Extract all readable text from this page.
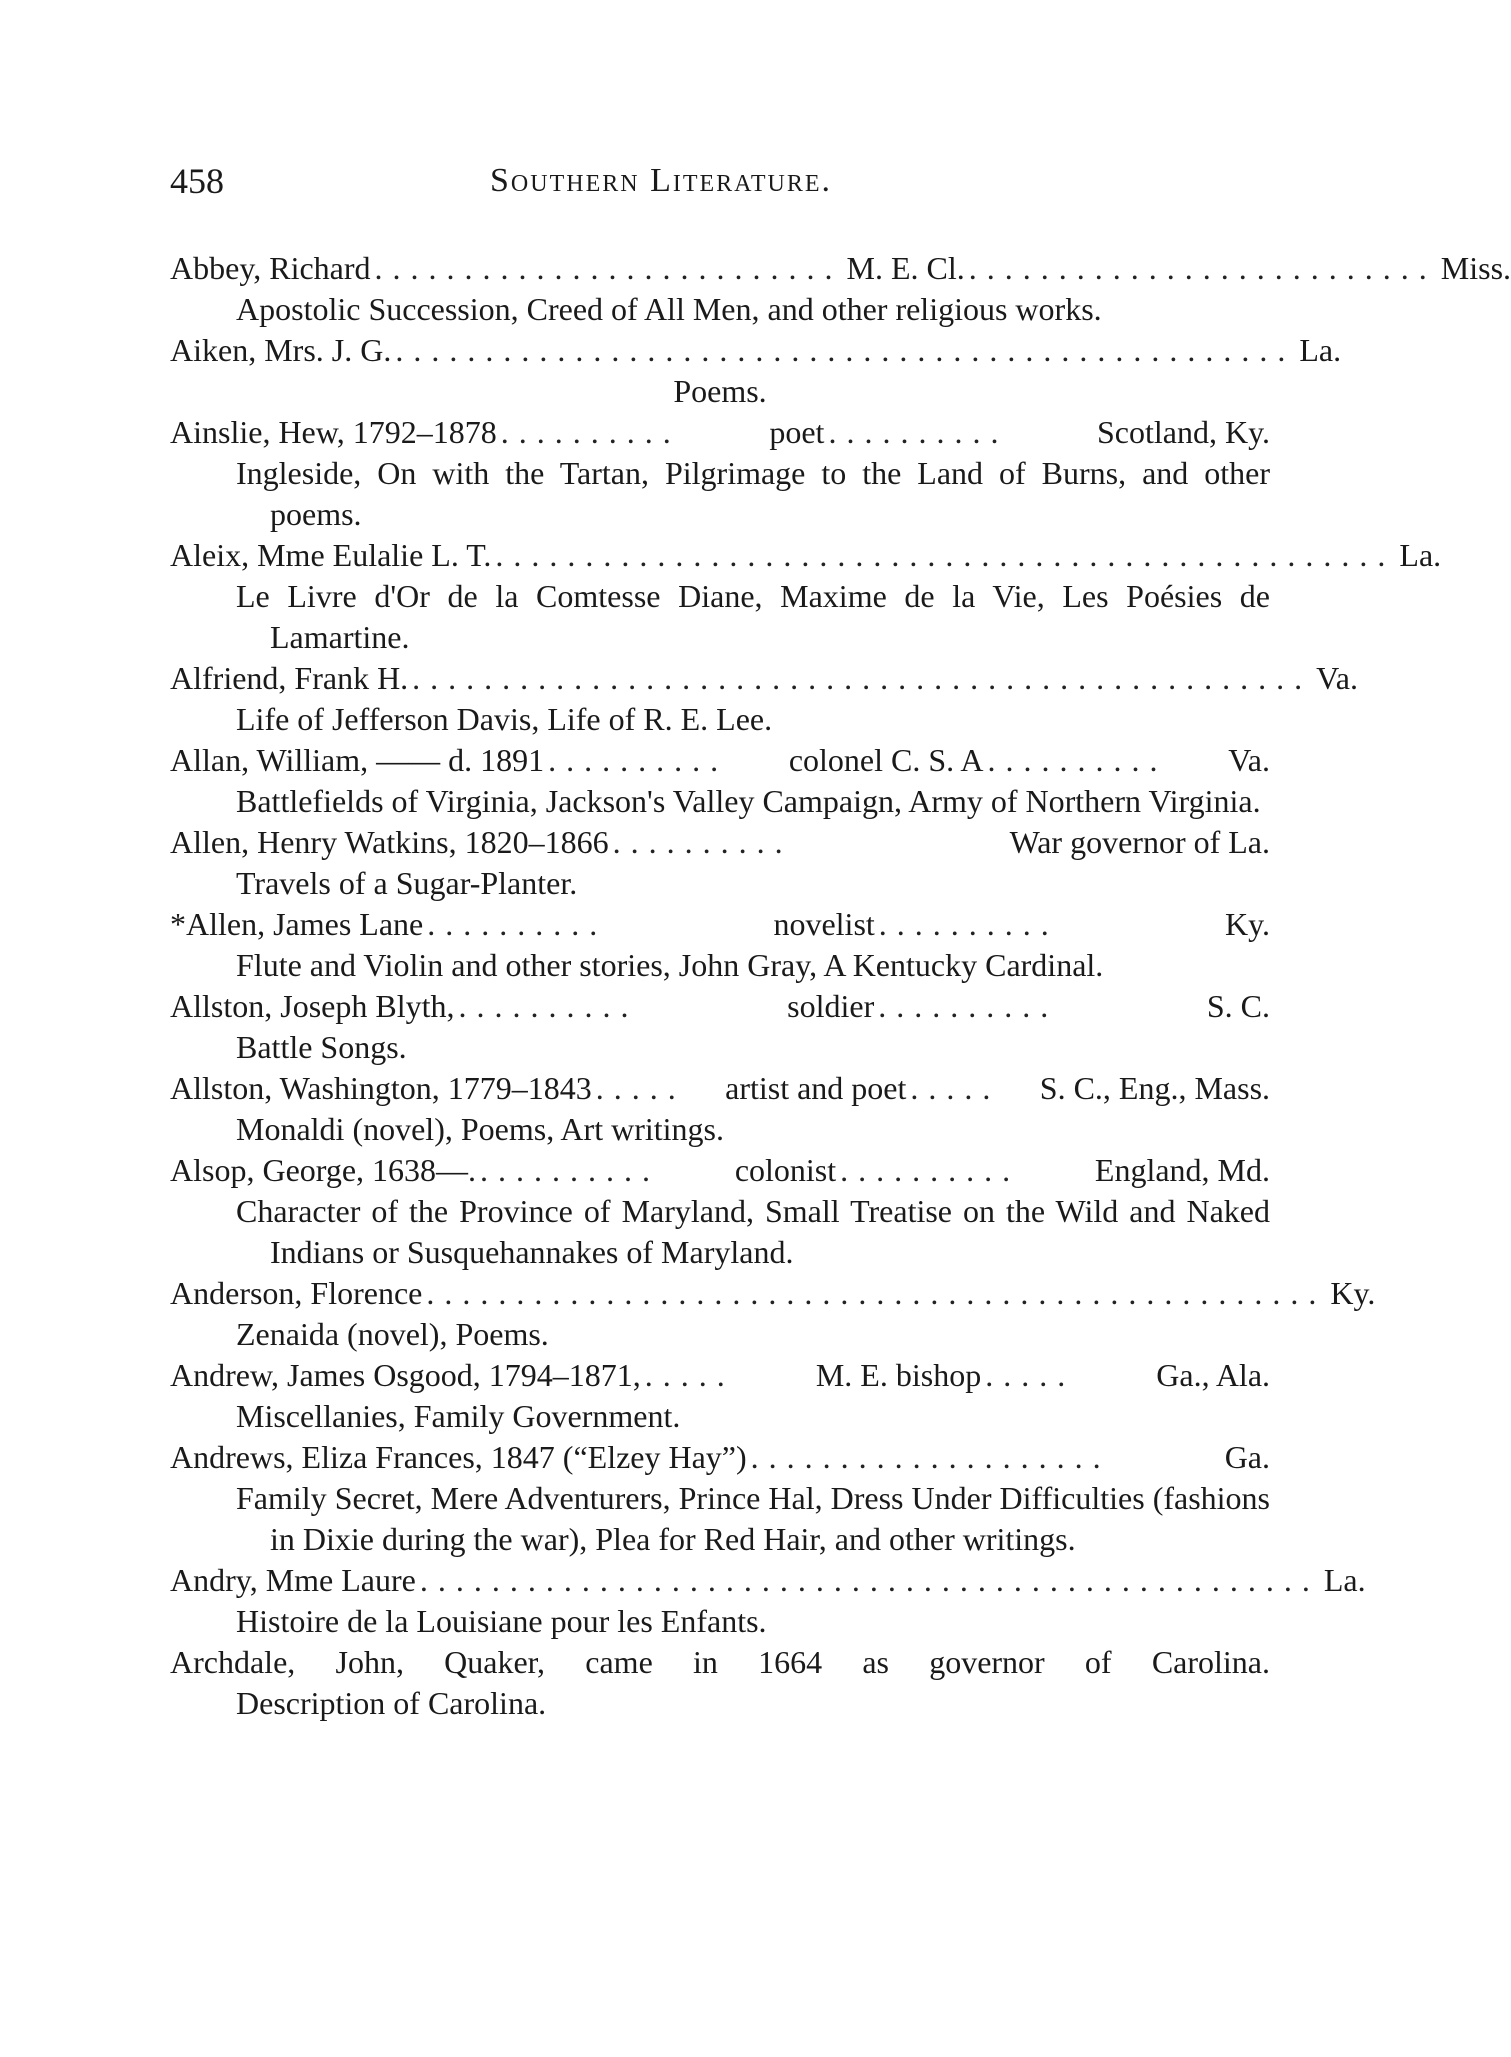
458	Southern Literature.
Abbey, Richard .......................... M. E. Cl. .......................... Miss.

Apostolic Succession, Creed of All Men, and other religious works.

Aiken, Mrs. J. G. .................................................. La.

Poems.

Ainslie, Hew, 1792–1878 ..........	poet ..........	Scotland, Ky.

Ingleside, On with the Tartan, Pilgrimage to the Land of Burns, and other poems.

Aleix, Mme Eulalie L. T. .................................................. La.

Le Livre d'Or de la Comtesse Diane, Maxime de la Vie, Les Poésies de Lamartine.

Alfriend, Frank H. .................................................. Va.

Life of Jefferson Davis, Life of R. E. Lee.

Allan, William, —— d. 1891 ..........	colonel C. S. A ..........	Va.

Battlefields of Virginia, Jackson's Valley Campaign, Army of Northern Virginia.

Allen, Henry Watkins, 1820–1866 ..........	War governor of La.

Travels of a Sugar-Planter.

*Allen, James Lane ..........	novelist ..........	Ky.

Flute and Violin and other stories, John Gray, A Kentucky Cardinal.

Allston, Joseph Blyth, ..........	soldier ..........	S. C.

Battle Songs.

Allston, Washington, 1779–1843 .....	artist and poet .....	S. C., Eng., Mass.

Monaldi (novel), Poems, Art writings.

Alsop, George, 1638—. ..........	colonist ..........	England, Md.

Character of the Province of Maryland, Small Treatise on the Wild and Naked Indians or Susquehannakes of Maryland.

Anderson, Florence .................................................. Ky.

Zenaida (novel), Poems.

Andrew, James Osgood, 1794–1871, .....	M. E. bishop .....	Ga., Ala.

Miscellanies, Family Government.

Andrews, Eliza Frances, 1847 (“Elzey Hay”) ....................	Ga.

Family Secret, Mere Adventurers, Prince Hal, Dress Under Difficulties (fashions in Dixie during the war), Plea for Red Hair, and other writings.

Andry, Mme Laure .................................................. La.

Histoire de la Louisiane pour les Enfants.

Archdale, John, Quaker, came in 1664 as governor of Carolina.

Description of Carolina.
